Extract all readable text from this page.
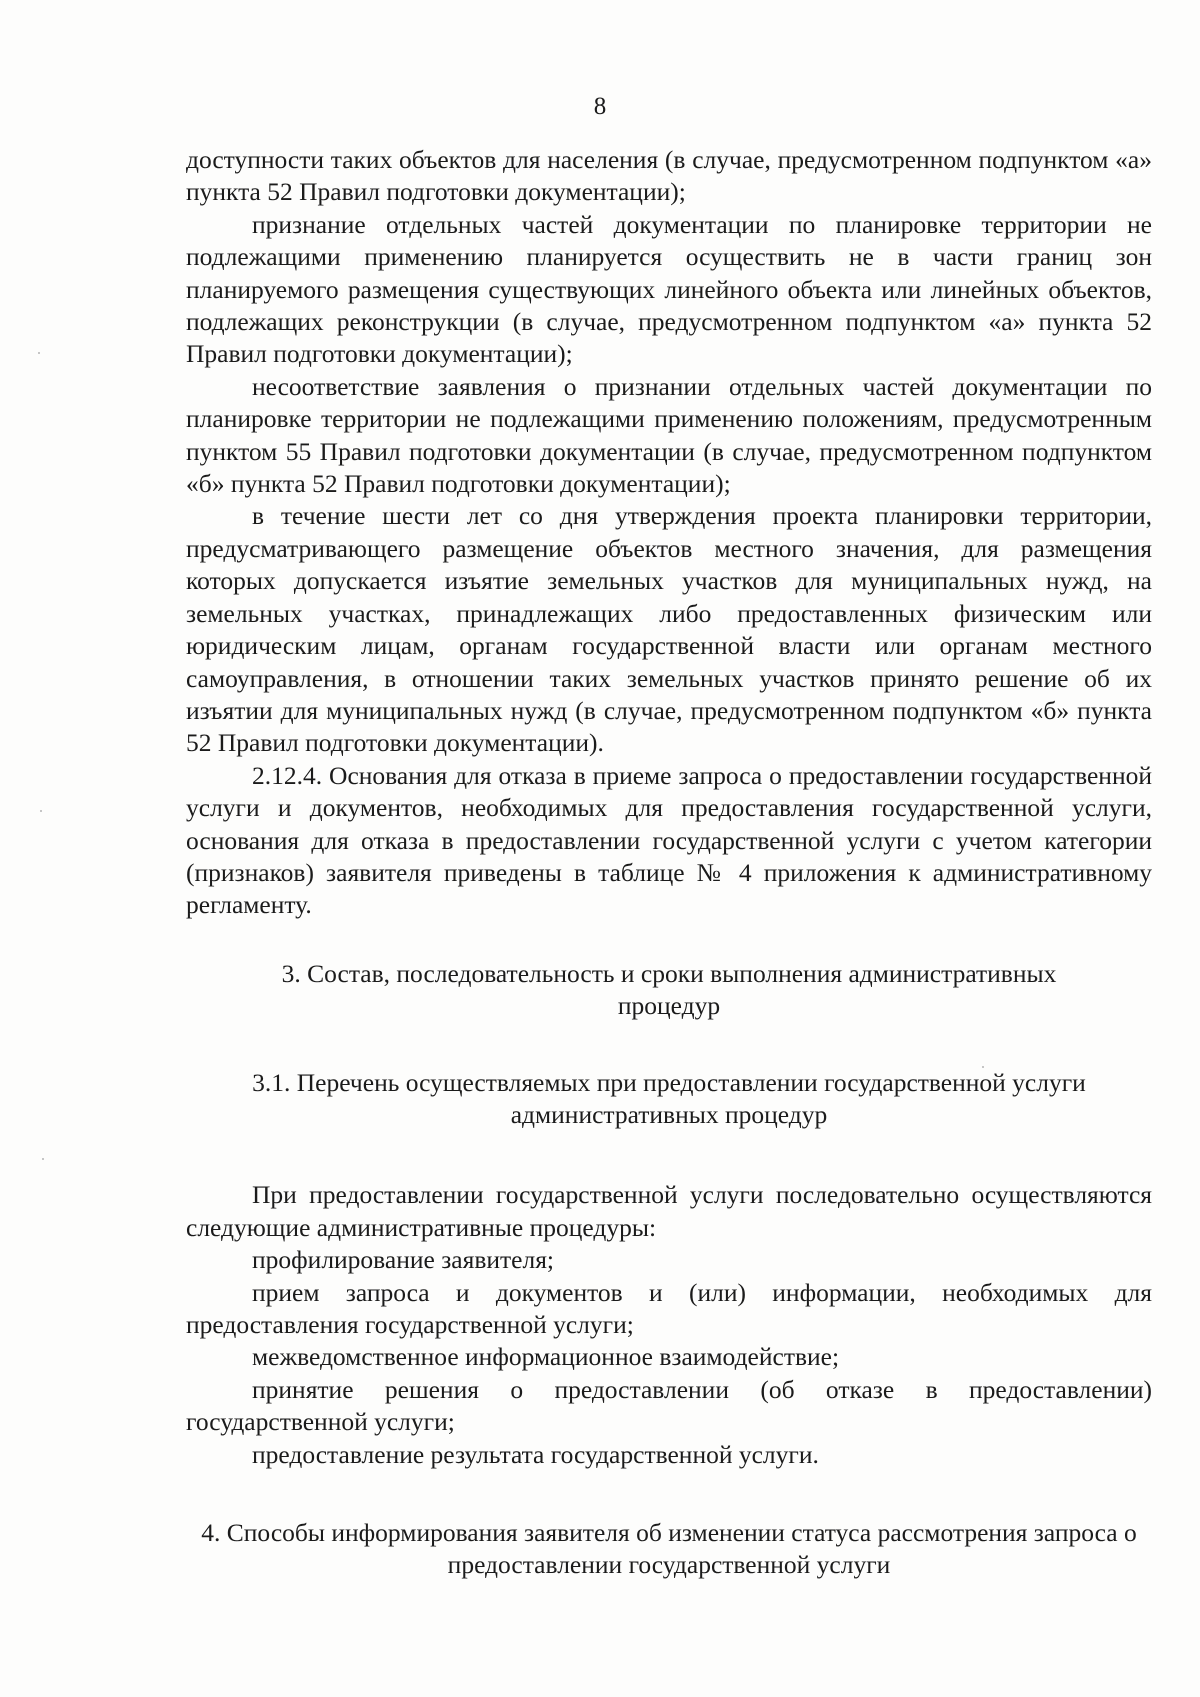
8

доступности таких объектов для населения (в случае, предусмотренном подпунктом «а» пункта 52 Правил подготовки документации);

признание отдельных частей документации по планировке территории не подлежащими применению планируется осуществить не в части границ зон планируемого размещения существующих линейного объекта или линейных объектов, подлежащих реконструкции (в случае, предусмотренном подпунктом «а» пункта 52 Правил подготовки документации);

несоответствие заявления о признании отдельных частей документации по планировке территории не подлежащими применению положениям, предусмотренным пунктом 55 Правил подготовки документации (в случае, предусмотренном подпунктом «б» пункта 52 Правил подготовки документации);

в течение шести лет со дня утверждения проекта планировки территории, предусматривающего размещение объектов местного значения, для размещения которых допускается изъятие земельных участков для муниципальных нужд, на земельных участках, принадлежащих либо предоставленных физическим или юридическим лицам, органам государственной власти или органам местного самоуправления, в отношении таких земельных участков принято решение об их изъятии для муниципальных нужд (в случае, предусмотренном подпунктом «б» пункта 52 Правил подготовки документации).

2.12.4. Основания для отказа в приеме запроса о предоставлении государственной услуги и документов, необходимых для предоставления государственной услуги, основания для отказа в предоставлении государственной услуги с учетом категории (признаков) заявителя приведены в таблице № 4 приложения к административному регламенту.

3. Состав, последовательность и сроки выполнения административных процедур
3.1. Перечень осуществляемых при предоставлении государственной услуги административных процедур

При предоставлении государственной услуги последовательно осуществляются следующие административные процедуры:

профилирование заявителя;

прием запроса и документов и (или) информации, необходимых для предоставления государственной услуги;

межведомственное информационное взаимодействие;

принятие решения о предоставлении (об отказе в предоставлении) государственной услуги;

предоставление результата государственной услуги.

4. Способы информирования заявителя об изменении статуса рассмотрения запроса о предоставлении государственной услуги
